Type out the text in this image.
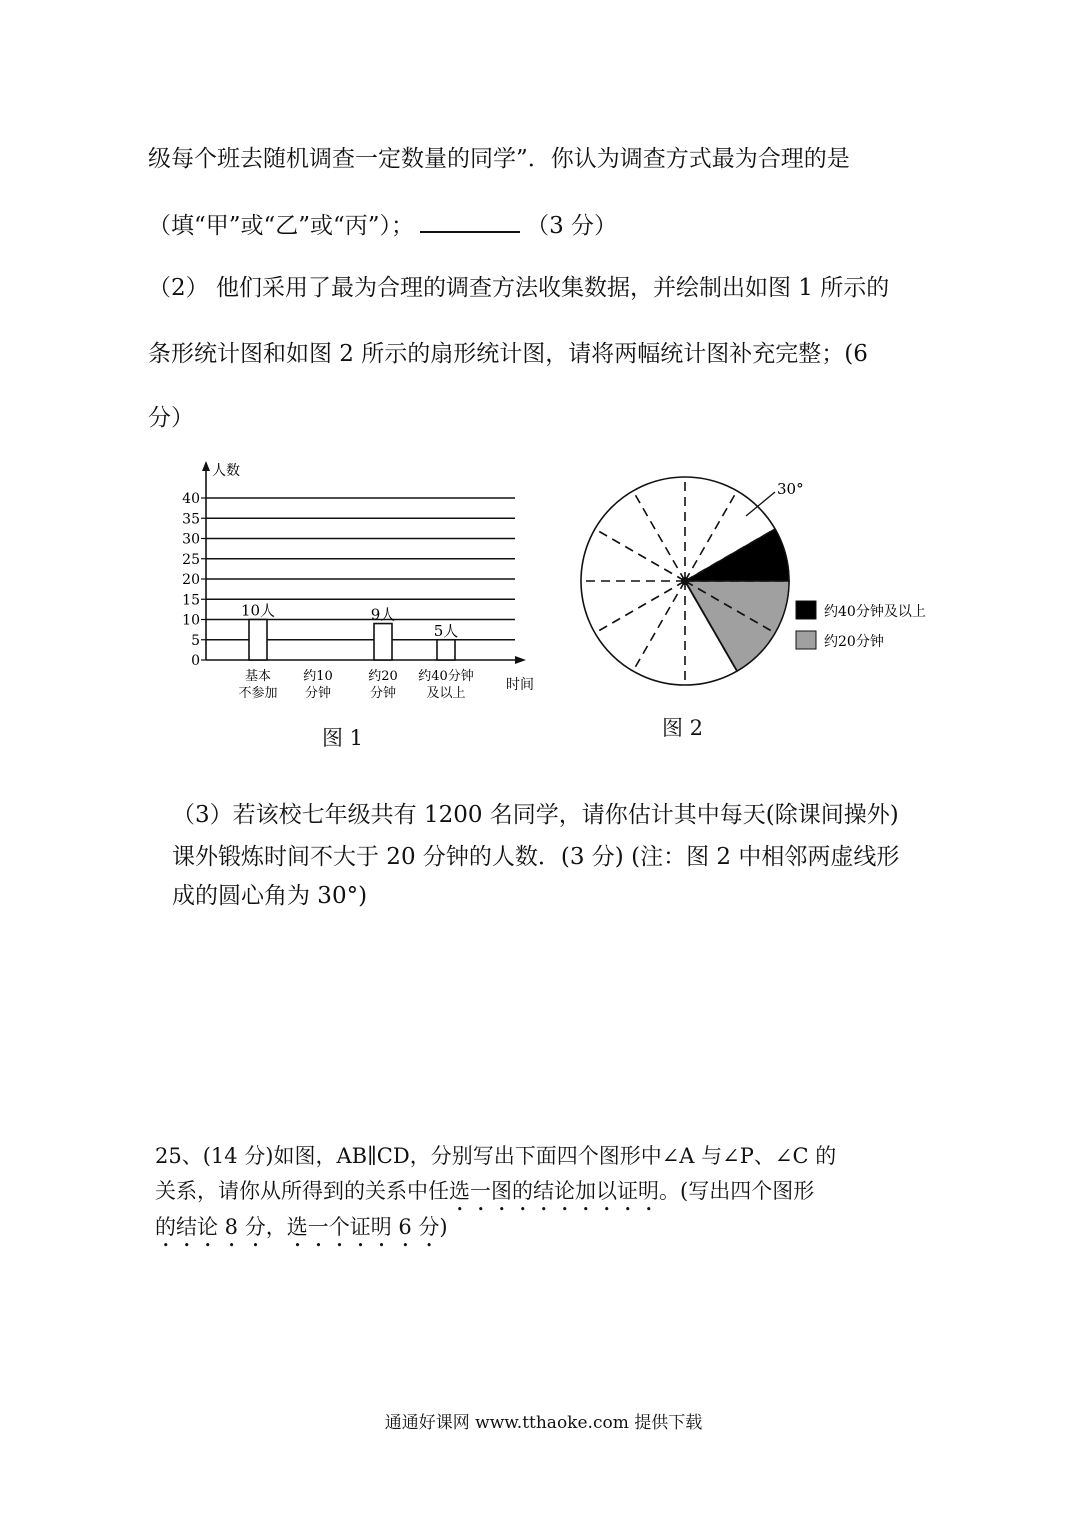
级每个班去随机调查一定数量的同学”．你认为调查方式最为合理的是
（填“甲”或“乙”或“丙”）；	（3 分）
（2） 他们采用了最为合理的调查方法收集数据，并绘制出如图 1 所示的
条形统计图和如图 2 所示的扇形统计图，请将两幅统计图补充完整；(6
分）
0
5
10
15
20
25
30
35
40
人数
时间
10人
基本
不参加
约10
分钟
9人
约20
分钟
5人
约40分钟
及以上
图 1
约40分钟及以上
约20分钟
30°
图 2
（3）若该校七年级共有 1200 名同学，请你估计其中每天(除课间操外)
课外锻炼时间不大于 20 分钟的人数．(3 分) (注：图 2 中相邻两虚线形
成的圆心角为 30°)
25、(14 分)如图，AB∥CD，分别写出下面四个图形中∠A 与∠P、∠C 的
关系，请你从所得到的关系中任选一图的结论加以证明。(写出四个图形
的结论 8 分，选一个证明 6 分)
通通好课网 www.tthaoke.com 提供下载
